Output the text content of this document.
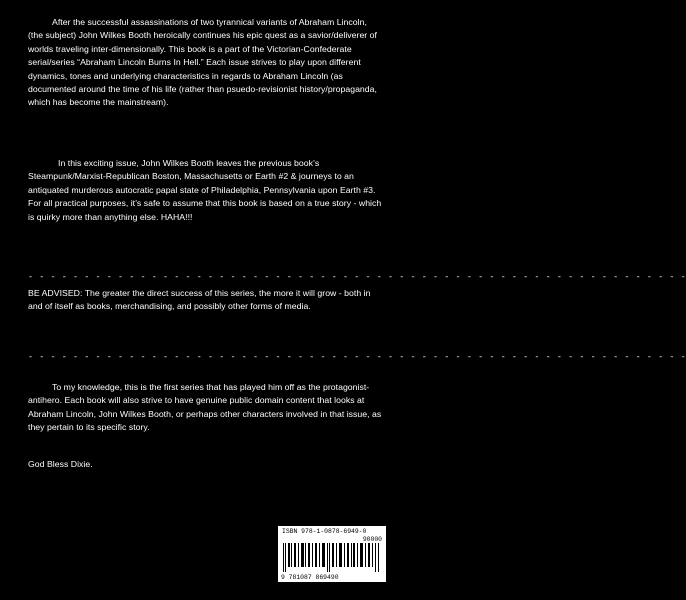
After the successful assassinations of two tyrannical variants of Abraham Lincoln, (the subject) John Wilkes Booth heroically continues his epic quest as a savior/deliverer of worlds traveling inter-dimensionally. This book is a part of the Victorian-Confederate serial/series “Abraham Lincoln Burns In Hell.” Each issue strives to play upon different dynamics, tones and underlying characteristics in regards to Abraham Lincoln (as documented around the time of his life (rather than psuedo-revisionist history/propaganda, which has become the mainstream).

In this exciting issue, John Wilkes Booth leaves the previous book’s Steampunk/Marxist-Republican Boston, Massachusetts or Earth #2 & journeys to an antiquated murderous autocratic papal state of Philadelphia, Pennsylvania upon Earth #3. For all practical purposes, it’s safe to assume that this book is based on a true story - which is quirky more than anything else. HAHA!!!

- - - - - - - - - - - - - - - - - - - - - - - - - - - - - - - - - - - - - - - - - - - - - - - - - - - - - - - - - - -

BE ADVISED: The greater the direct success of this series, the more it will grow - both in and of itself as books, merchandising, and possibly other forms of media.

- - - - - - - - - - - - - - - - - - - - - - - - - - - - - - - - - - - - - - - - - - - - - - - - - - - - - - - - - - -

To my knowledge, this is the first series that has played him off as the protagonist-antihero. Each book will also strive to have genuine public domain content that looks at Abraham Lincoln, John Wilkes Booth, or perhaps other characters involved in that issue, as they pertain to its specific story.

God Bless Dixie.

ISBN 978-1-0878-6949-0
90000
9 781087 869490
